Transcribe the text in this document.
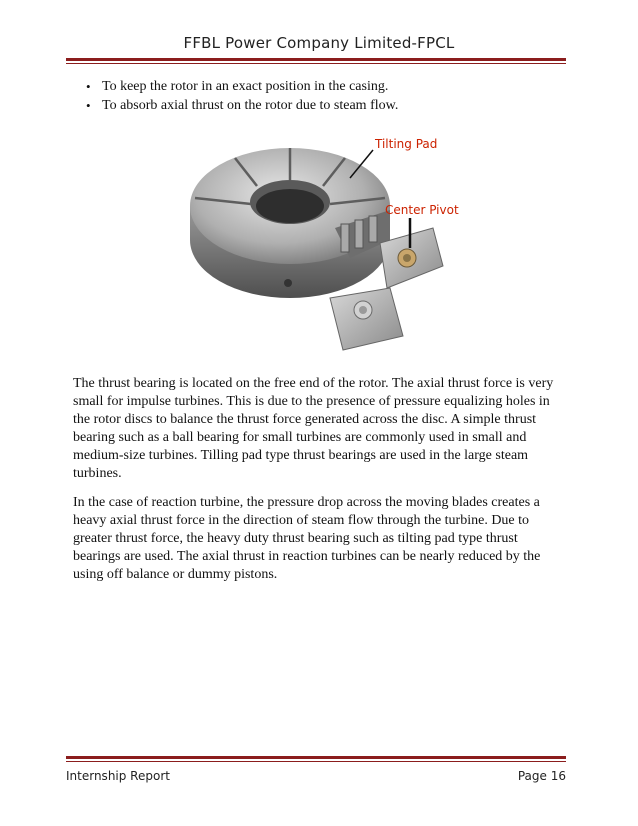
FFBL Power Company Limited-FPCL
• To keep the rotor in an exact position in the casing.
• To absorb axial thrust on the rotor due to steam flow.
Tilting Pad
Center Pivot

The thrust bearing is located on the free end of the rotor. The axial thrust force is very small for impulse turbines. This is due to the presence of pressure equalizing holes in the rotor discs to balance the thrust force generated across the disc. A simple thrust bearing such as a ball bearing for small turbines are commonly used in small and medium-size turbines. Tilling pad type thrust bearings are used in the large steam turbines.

In the case of reaction turbine, the pressure drop across the moving blades creates a heavy axial thrust force in the direction of steam flow through the turbine. Due to greater thrust force, the heavy duty thrust bearing such as tilting pad type thrust bearings are used. The axial thrust in reaction turbines can be nearly reduced by the using off balance or dummy pistons.

Internship Report	Page 16
